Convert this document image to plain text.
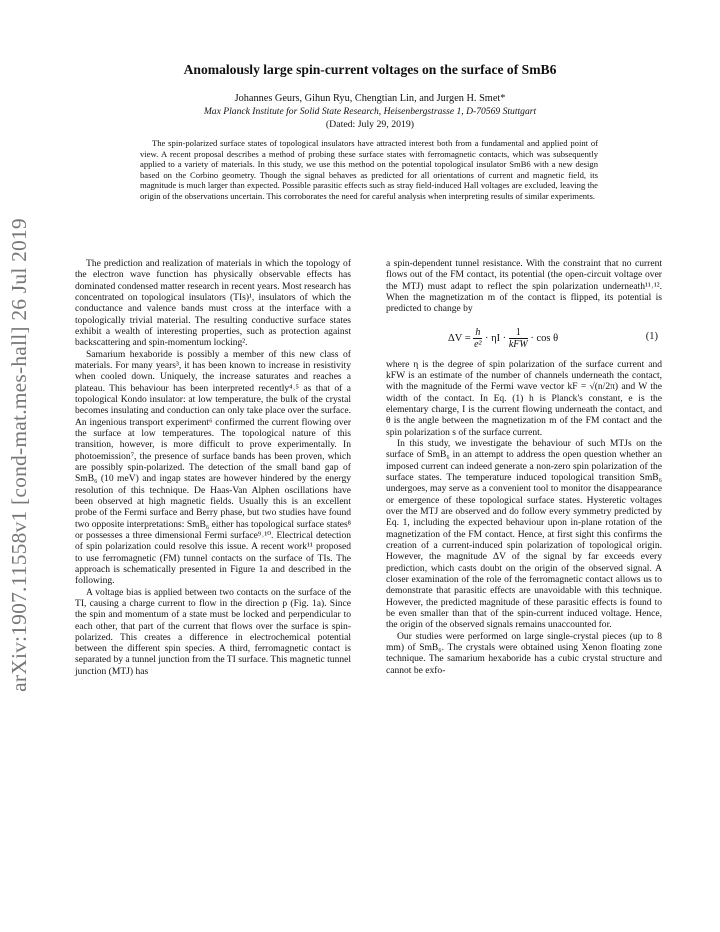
arXiv:1907.11558v1 [cond-mat.mes-hall] 26 Jul 2019
Anomalously large spin-current voltages on the surface of SmB6
Johannes Geurs, Gihun Ryu, Chengtian Lin, and Jurgen H. Smet*
Max Planck Institute for Solid State Research, Heisenbergstrasse 1, D-70569 Stuttgart
(Dated: July 29, 2019)

The spin-polarized surface states of topological insulators have attracted interest both from a fundamental and applied point of view. A recent proposal describes a method of probing these surface states with ferromagnetic contacts, which was subsequently applied to a variety of materials. In this study, we use this method on the potential topological insulator SmB6 with a new design based on the Corbino geometry. Though the signal behaves as predicted for all orientations of current and magnetic field, its magnitude is much larger than expected. Possible parasitic effects such as stray field-induced Hall voltages are excluded, leaving the origin of the observations uncertain. This corroborates the need for careful analysis when interpreting results of similar experiments.

The prediction and realization of materials in which the topology of the electron wave function has physically observable effects has dominated condensed matter research in recent years. Most research has concentrated on topological insulators (TIs)¹, insulators of which the conductance and valence bands must cross at the interface with a topologically trivial material. The resulting conductive surface states exhibit a wealth of interesting properties, such as protection against backscattering and spin-momentum locking².

Samarium hexaboride is possibly a member of this new class of materials. For many years³, it has been known to increase in resistivity when cooled down. Uniquely, the increase saturates and reaches a plateau. This behaviour has been interpreted recently⁴˒⁵ as that of a topological Kondo insulator: at low temperature, the bulk of the crystal becomes insulating and conduction can only take place over the surface. An ingenious transport experiment⁶ confirmed the current flowing over the surface at low temperatures. The topological nature of this transition, however, is more difficult to prove experimentally. In photoemission⁷, the presence of surface bands has been proven, which are possibly spin-polarized. The detection of the small band gap of SmB₆ (10 meV) and ingap states are however hindered by the energy resolution of this technique. De Haas-Van Alphen oscillations have been observed at high magnetic fields. Usually this is an excellent probe of the Fermi surface and Berry phase, but two studies have found two opposite interpretations: SmB₆ either has topological surface states⁸ or possesses a three dimensional Fermi surface⁹˒¹⁰. Electrical detection of spin polarization could resolve this issue. A recent work¹¹ proposed to use ferromagnetic (FM) tunnel contacts on the surface of TIs. The approach is schematically presented in Figure 1a and described in the following.

A voltage bias is applied between two contacts on the surface of the TI, causing a charge current to flow in the direction p (Fig. 1a). Since the spin and momentum of a state must be locked and perpendicular to each other, that part of the current that flows over the surface is spin-polarized. This creates a difference in electrochemical potential between the different spin species. A third, ferromagnetic contact is separated by a tunnel junction from the TI surface. This magnetic tunnel junction (MTJ) has

a spin-dependent tunnel resistance. With the constraint that no current flows out of the FM contact, its potential (the open-circuit voltage over the MTJ) must adapt to reflect the spin polarization underneath¹¹˒¹². When the magnetization m of the contact is flipped, its potential is predicted to change by

$\Delta V = \frac{h}{\text{e²}} \cdot \eta I \cdot \frac{1}{\text{kFW}} \cdot \cos \theta$	(1)

where η is the degree of spin polarization of the surface current and kFW is an estimate of the number of channels underneath the contact, with the magnitude of the Fermi wave vector kF = √(n/2π) and W the width of the contact. In Eq. (1) h is Planck's constant, e is the elementary charge, I is the current flowing underneath the contact, and θ is the angle between the magnetization m of the FM contact and the spin polarization s of the surface current.

In this study, we investigate the behaviour of such MTJs on the surface of SmB₆ in an attempt to address the open question whether an imposed current can indeed generate a non-zero spin polarization of the surface states. The temperature induced topological transition SmB₆ undergoes, may serve as a convenient tool to monitor the disappearance or emergence of these topological surface states. Hysteretic voltages over the MTJ are observed and do follow every symmetry predicted by Eq. 1, including the expected behaviour upon in-plane rotation of the magnetization of the FM contact. Hence, at first sight this confirms the creation of a current-induced spin polarization of topological origin. However, the magnitude ΔV of the signal by far exceeds every prediction, which casts doubt on the origin of the observed signal. A closer examination of the role of the ferromagnetic contact allows us to demonstrate that parasitic effects are unavoidable with this technique. However, the predicted magnitude of these parasitic effects is found to be even smaller than that of the spin-current induced voltage. Hence, the origin of the observed signals remains unaccounted for.

Our studies were performed on large single-crystal pieces (up to 8 mm) of SmB₆. The crystals were obtained using Xenon floating zone technique. The samarium hexaboride has a cubic crystal structure and cannot be exfo-
